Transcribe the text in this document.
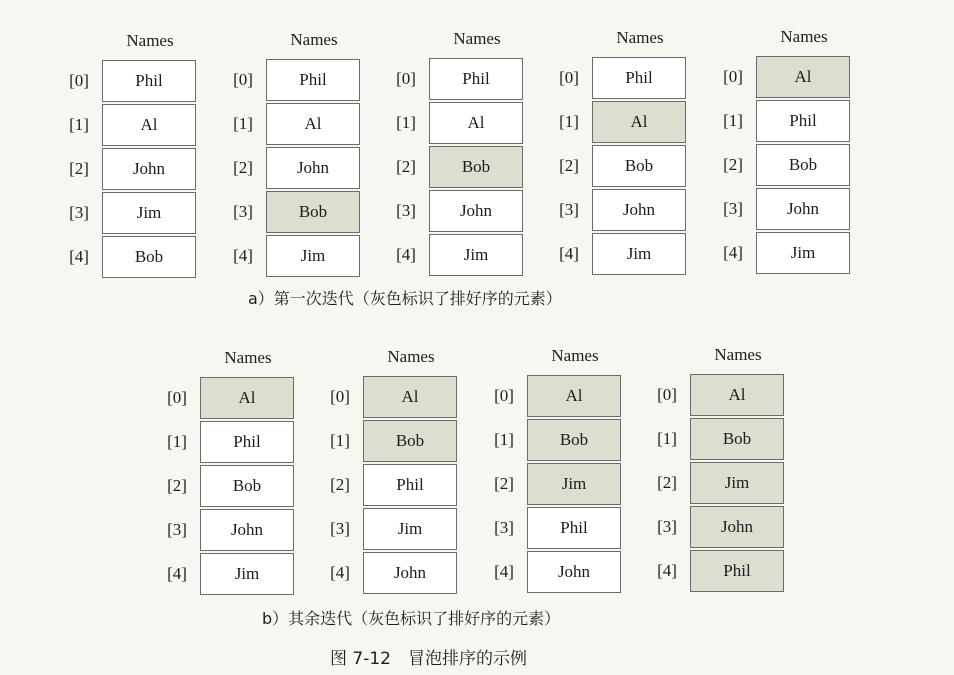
Names
[0]	Phil
[1]	Al
[2]	John
[3]	Jim
[4]	Bob
Names
[0]	Phil
[1]	Al
[2]	John
[3]	Bob
[4]	Jim
Names
[0]	Phil
[1]	Al
[2]	Bob
[3]	John
[4]	Jim
Names
[0]	Phil
[1]	Al
[2]	Bob
[3]	John
[4]	Jim
Names
[0]	Al
[1]	Phil
[2]	Bob
[3]	John
[4]	Jim
a）第一次迭代（灰色标识了排好序的元素）
Names
[0]	Al
[1]	Phil
[2]	Bob
[3]	John
[4]	Jim
Names
[0]	Al
[1]	Bob
[2]	Phil
[3]	Jim
[4]	John
Names
[0]	Al
[1]	Bob
[2]	Jim
[3]	Phil
[4]	John
Names
[0]	Al
[1]	Bob
[2]	Jim
[3]	John
[4]	Phil
b）其余迭代（灰色标识了排好序的元素）
图 7-12　冒泡排序的示例
